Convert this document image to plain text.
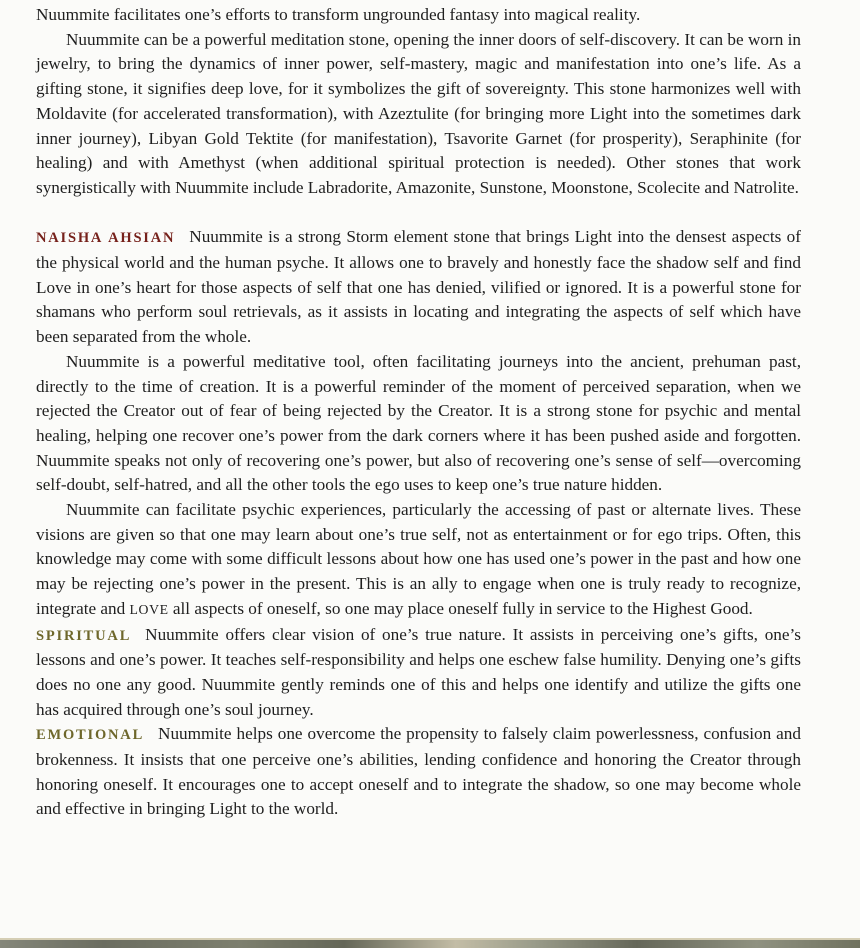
Nuummite facilitates one’s efforts to transform ungrounded fantasy into magical reality.

Nuummite can be a powerful meditation stone, opening the inner doors of self-discovery. It can be worn in jewelry, to bring the dynamics of inner power, self-mastery, magic and manifestation into one’s life. As a gifting stone, it signifies deep love, for it symbolizes the gift of sovereignty. This stone harmonizes well with Moldavite (for accelerated transformation), with Azeztulite (for bringing more Light into the sometimes dark inner journey), Libyan Gold Tektite (for manifestation), Tsavorite Garnet (for prosperity), Seraphinite (for healing) and with Amethyst (when additional spiritual protection is needed). Other stones that work synergistically with Nuummite include Labradorite, Amazonite, Sunstone, Moonstone, Scolecite and Natrolite.

NAISHA AHSIAN Nuummite is a strong Storm element stone that brings Light into the densest aspects of the physical world and the human psyche. It allows one to bravely and honestly face the shadow self and find Love in one’s heart for those aspects of self that one has denied, vilified or ignored. It is a powerful stone for shamans who perform soul retrievals, as it assists in locating and integrating the aspects of self which have been separated from the whole.

Nuummite is a powerful meditative tool, often facilitating journeys into the ancient, prehuman past, directly to the time of creation. It is a powerful reminder of the moment of perceived separation, when we rejected the Creator out of fear of being rejected by the Creator. It is a strong stone for psychic and mental healing, helping one recover one’s power from the dark corners where it has been pushed aside and forgotten. Nuummite speaks not only of recovering one’s power, but also of recovering one’s sense of self—overcoming self-doubt, self-hatred, and all the other tools the ego uses to keep one’s true nature hidden.

Nuummite can facilitate psychic experiences, particularly the accessing of past or alternate lives. These visions are given so that one may learn about one’s true self, not as entertainment or for ego trips. Often, this knowledge may come with some difficult lessons about how one has used one’s power in the past and how one may be rejecting one’s power in the present. This is an ally to engage when one is truly ready to recognize, integrate and LOVE all aspects of oneself, so one may place oneself fully in service to the Highest Good.

SPIRITUAL Nuummite offers clear vision of one’s true nature. It assists in perceiving one’s gifts, one’s lessons and one’s power. It teaches self-responsibility and helps one eschew false humility. Denying one’s gifts does no one any good. Nuummite gently reminds one of this and helps one identify and utilize the gifts one has acquired through one’s soul journey.

EMOTIONAL Nuummite helps one overcome the propensity to falsely claim powerlessness, confusion and brokenness. It insists that one perceive one’s abilities, lending confidence and honoring the Creator through honoring oneself. It encourages one to accept oneself and to integrate the shadow, so one may become whole and effective in bringing Light to the world.
